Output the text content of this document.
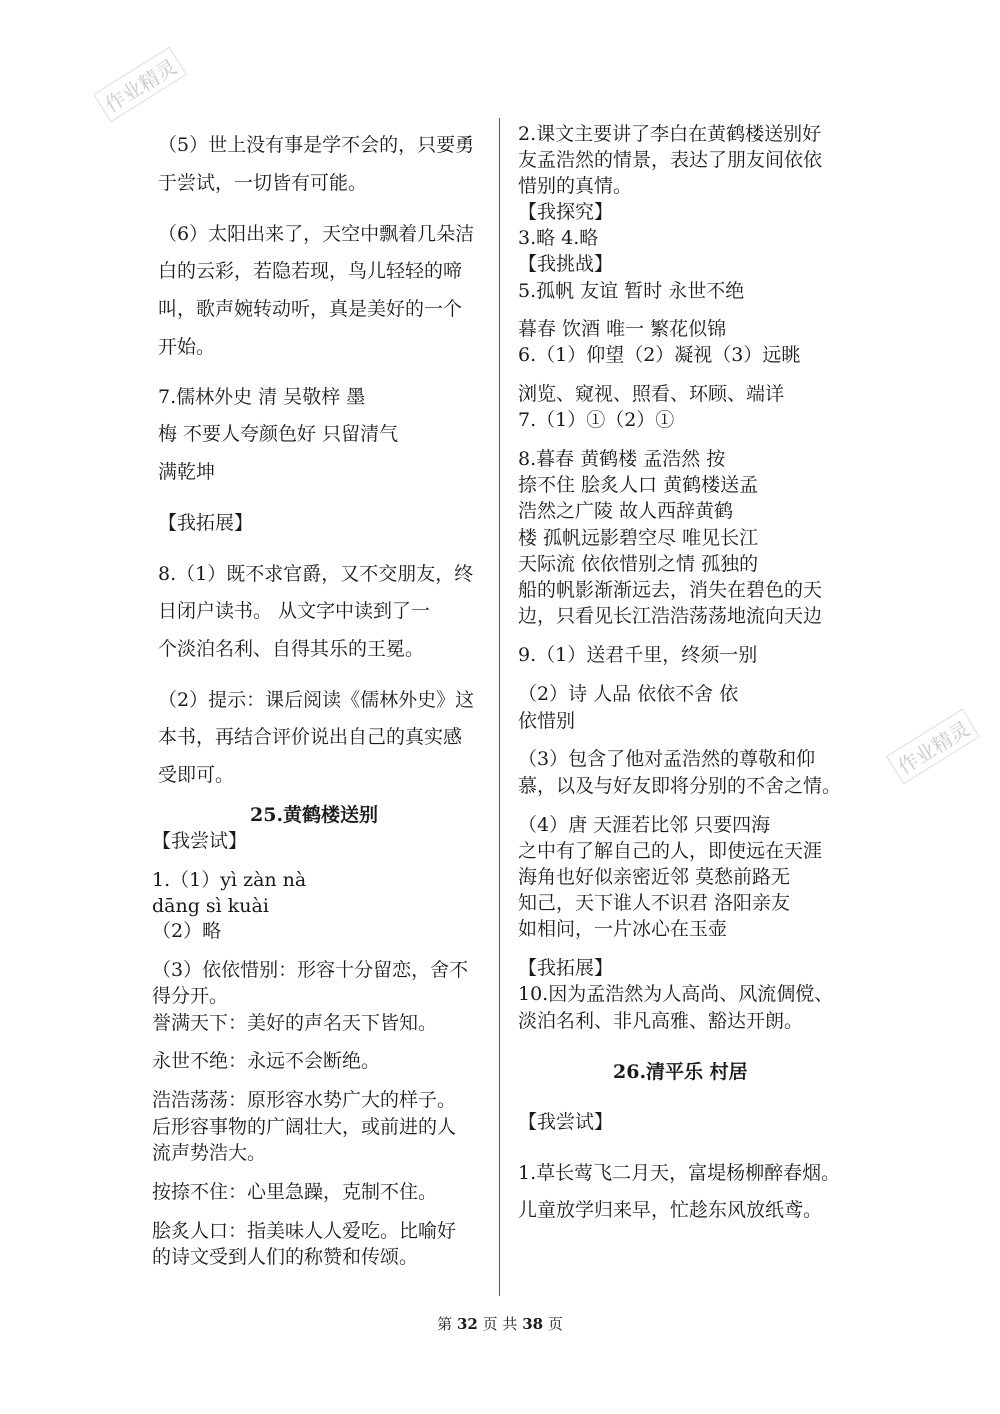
作业精灵
作业精灵
（5）世上没有事是学不会的，只要勇
于尝试，一切皆有可能。
（6）太阳出来了，天空中飘着几朵洁
白的云彩，若隐若现，鸟儿轻轻的啼
叫，歌声婉转动听，真是美好的一个
开始。
7.儒林外史 清 吴敬梓 墨
梅 不要人夸颜色好 只留清气
满乾坤
【我拓展】
8.（1）既不求官爵，又不交朋友，终
日闭户读书。 从文字中读到了一
个淡泊名利、自得其乐的王冕。
（2）提示：课后阅读《儒林外史》这
本书，再结合评价说出自己的真实感
受即可。
25.黄鹤楼送别
【我尝试】
1.（1）yì zàn nà
dāng sì kuài
（2）略
（3）依依惜别：形容十分留恋，舍不
得分开。
誉满天下：美好的声名天下皆知。
永世不绝：永远不会断绝。
浩浩荡荡：原形容水势广大的样子。
后形容事物的广阔壮大，或前进的人
流声势浩大。
按捺不住：心里急躁，克制不住。
脍炙人口：指美味人人爱吃。比喻好
的诗文受到人们的称赞和传颂。
2.课文主要讲了李白在黄鹤楼送别好
友孟浩然的情景，表达了朋友间依依
惜别的真情。
【我探究】
3.略 4.略
【我挑战】
5.孤帆 友谊 暂时 永世不绝
暮春 饮酒 唯一 繁花似锦
6.（1）仰望（2）凝视（3）远眺
浏览、窥视、照看、环顾、端详
7.（1）①（2）①
8.暮春 黄鹤楼 孟浩然 按
捺不住 脍炙人口 黄鹤楼送孟
浩然之广陵 故人西辞黄鹤
楼 孤帆远影碧空尽 唯见长江
天际流 依依惜别之情 孤独的
船的帆影渐渐远去，消失在碧色的天
边，只看见长江浩浩荡荡地流向天边
9.（1）送君千里，终须一别
（2）诗 人品 依依不舍 依
依惜别
（3）包含了他对孟浩然的尊敬和仰
慕，以及与好友即将分别的不舍之情。
（4）唐 天涯若比邻 只要四海
之中有了解自己的人，即使远在天涯
海角也好似亲密近邻 莫愁前路无
知己，天下谁人不识君 洛阳亲友
如相问，一片冰心在玉壶
【我拓展】
10.因为孟浩然为人高尚、风流倜傥、
淡泊名利、非凡高雅、豁达开朗。
26.清平乐 村居
【我尝试】
1.草长莺飞二月天，富堤杨柳醉春烟。
儿童放学归来早，忙趁东风放纸鸢。
第 32 页 共 38 页
